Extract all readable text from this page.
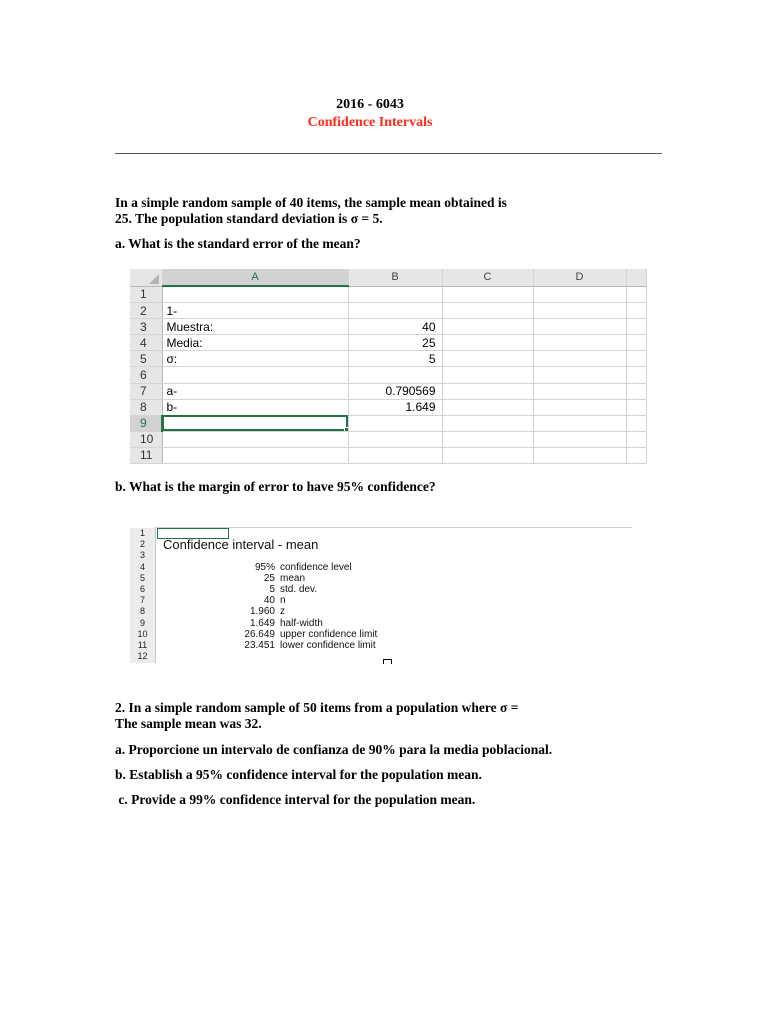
2016 - 6043
Confidence Intervals
In a simple random sample of 40 items, the sample mean obtained is
25. The population standard deviation is σ = 5.
a. What is the standard error of the mean?
	A	B	C	D	
1					
2	1-				
3	Muestra:	40			
4	Media:	25			
5	σ:	5			
6					
7	a-	0.790569			
8	b-	1.649			
9	

10					
11					
b. What is the margin of error to have 95% confidence?
1
2	Confidence interval - mean
3
4	95% confidence level
5	25 mean
6	5 std. dev.
7	40 n
8	1.960 z
9	1.649 half-width
10	26.649 upper confidence limit
11	23.451 lower confidence limit
12
2. In a simple random sample of 50 items from a population where σ =
The sample mean was 32.
a. Proporcione un intervalo de confianza de 90% para la media poblacional.
b. Establish a 95% confidence interval for the population mean.
c. Provide a 99% confidence interval for the population mean.
